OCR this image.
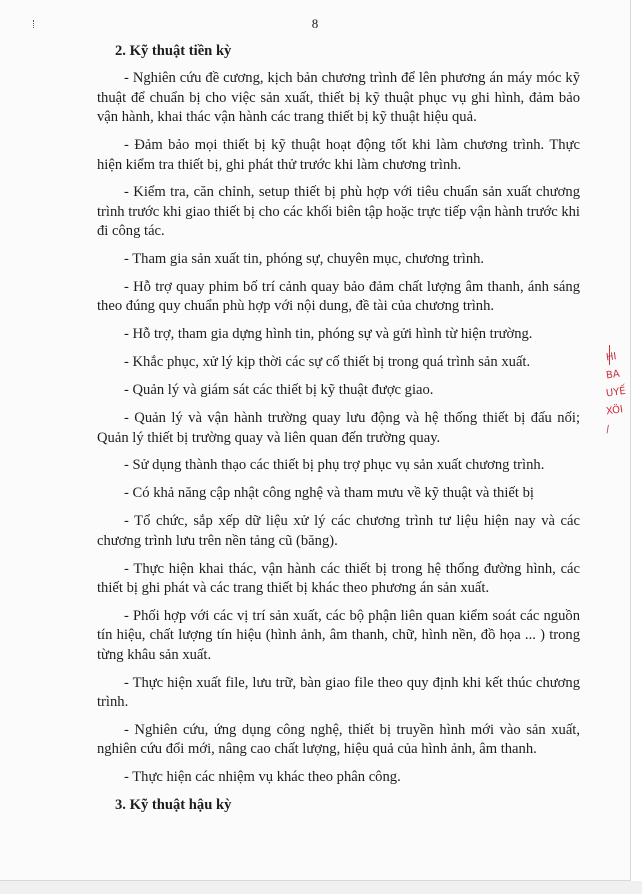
8
2. Kỹ thuật tiền kỳ

- Nghiên cứu đề cương, kịch bản chương trình để lên phương án máy móc kỹ thuật để chuẩn bị cho việc sản xuất, thiết bị kỹ thuật phục vụ ghi hình, đảm bảo vận hành, khai thác vận hành các trang thiết bị kỹ thuật hiệu quả.

- Đảm bảo mọi thiết bị kỹ thuật hoạt động tốt khi làm chương trình. Thực hiện kiểm tra thiết bị, ghi phát thử trước khi làm chương trình.

- Kiểm tra, căn chỉnh, setup thiết bị phù hợp với tiêu chuẩn sản xuất chương trình trước khi giao thiết bị cho các khối biên tập hoặc trực tiếp vận hành trước khi đi công tác.

- Tham gia sản xuất tin, phóng sự, chuyên mục, chương trình.

- Hỗ trợ quay phim bố trí cảnh quay bảo đảm chất lượng âm thanh, ánh sáng theo đúng quy chuẩn phù hợp với nội dung, đề tài của chương trình.

- Hỗ trợ, tham gia dựng hình tin, phóng sự và gửi hình từ hiện trường.

- Khắc phục, xử lý kịp thời các sự cố thiết bị trong quá trình sản xuất.

- Quản lý và giám sát các thiết bị kỹ thuật được giao.

- Quản lý và vận hành trường quay lưu động và hệ thống thiết bị đấu nối; Quản lý thiết bị trường quay và liên quan đến trường quay.

- Sử dụng thành thạo các thiết bị phụ trợ phục vụ sản xuất chương trình.

- Có khả năng cập nhật công nghệ và tham mưu về kỹ thuật và thiết bị

- Tổ chức, sắp xếp dữ liệu xử lý các chương trình tư liệu hiện nay và các chương trình lưu trên nền tảng cũ (băng).

- Thực hiện khai thác, vận hành các thiết bị trong hệ thống đường hình, các thiết bị ghi phát và các trang thiết bị khác theo phương án sản xuất.

- Phối hợp với các vị trí sản xuất, các bộ phận liên quan kiểm soát các nguồn tín hiệu, chất lượng tín hiệu (hình ảnh, âm thanh, chữ, hình nền, đồ họa ... ) trong từng khâu sản xuất.

- Thực hiện xuất file, lưu trữ, bàn giao file theo quy định khi kết thúc chương trình.

- Nghiên cứu, ứng dụng công nghệ, thiết bị truyền hình mới vào sản xuất, nghiên cứu đổi mới, nâng cao chất lượng, hiệu quả của hình ảnh, âm thanh.

- Thực hiện các nhiệm vụ khác theo phân công.

3. Kỹ thuật hậu kỳ
HI
BA
UYẾ
XÖI
/
